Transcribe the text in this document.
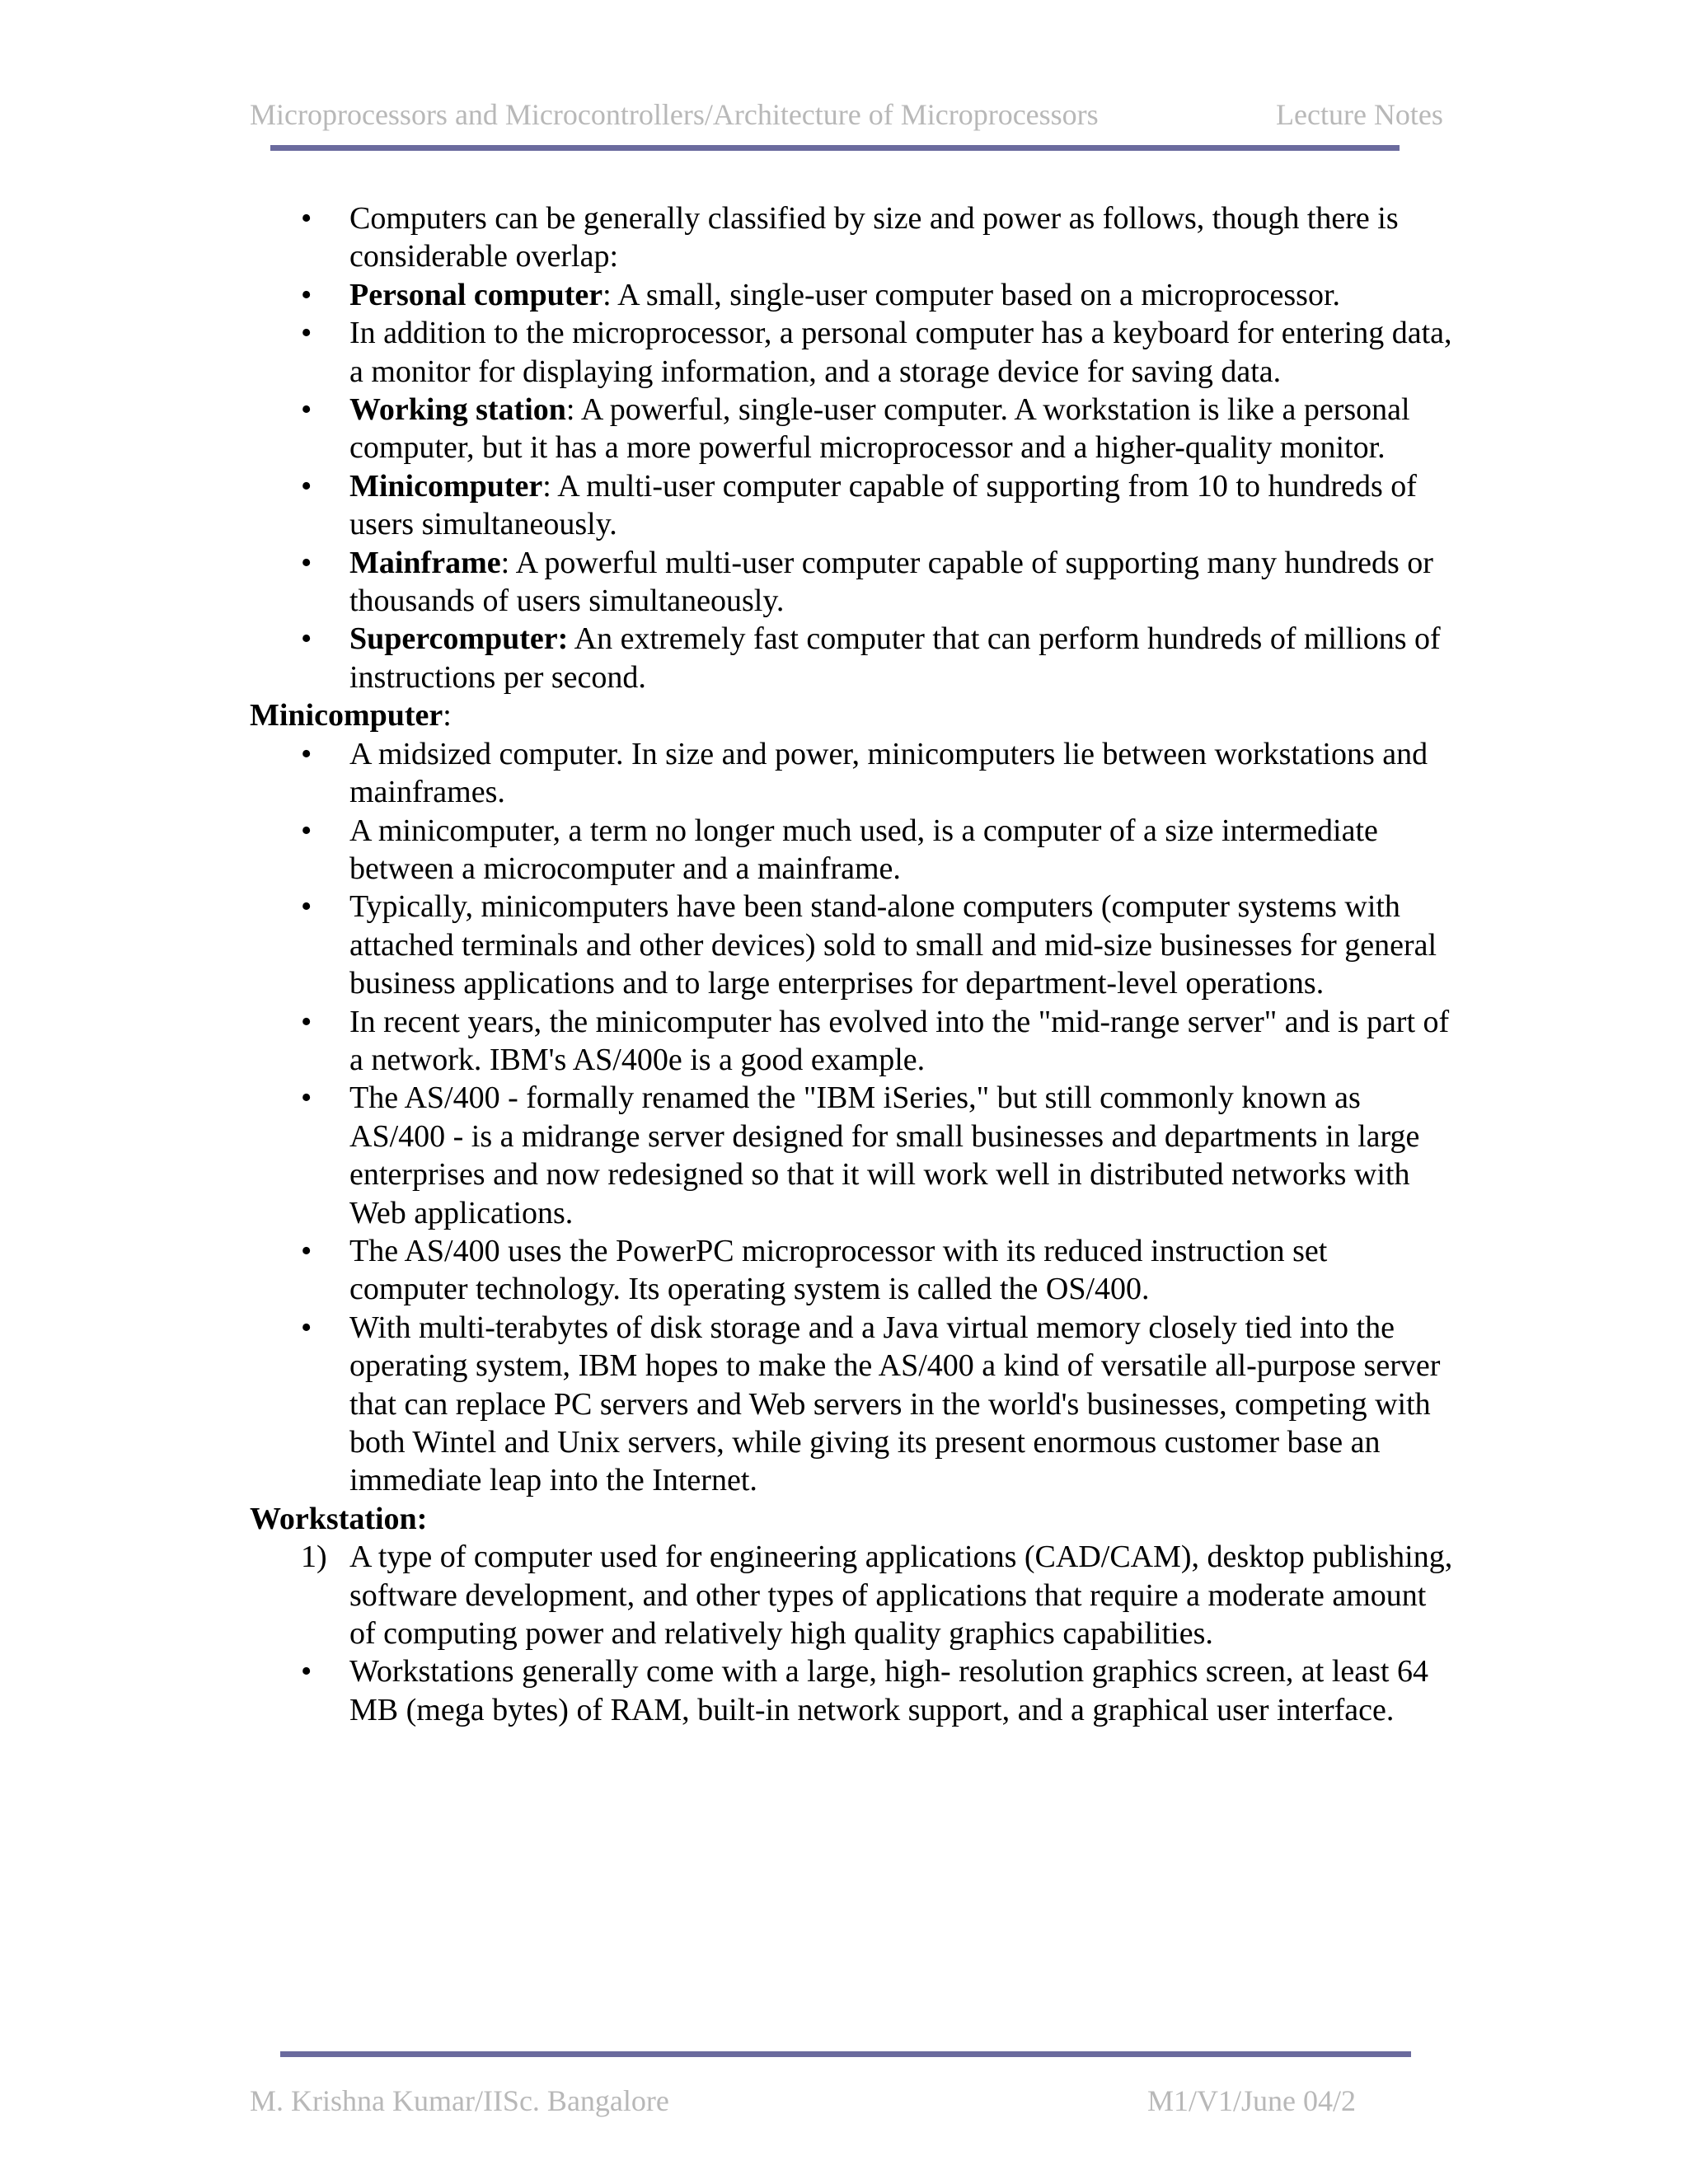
Microprocessors and Microcontrollers/Architecture of Microprocessors	Lecture Notes
• Computers can be generally classified by size and power as follows, though there is considerable overlap:
• Personal computer: A small, single-user computer based on a microprocessor.
• In addition to the microprocessor, a personal computer has a keyboard for entering data, a monitor for displaying information, and a storage device for saving data.
• Working station: A powerful, single-user computer. A workstation is like a personal computer, but it has a more powerful microprocessor and a higher-quality monitor.
• Minicomputer: A multi-user computer capable of supporting from 10 to hundreds of users simultaneously.
• Mainframe: A powerful multi-user computer capable of supporting many hundreds or thousands of users simultaneously.
• Supercomputer: An extremely fast computer that can perform hundreds of millions of instructions per second.
Minicomputer:
• A midsized computer. In size and power, minicomputers lie between workstations and mainframes.
• A minicomputer, a term no longer much used, is a computer of a size intermediate between a microcomputer and a mainframe.
• Typically, minicomputers have been stand-alone computers (computer systems with attached terminals and other devices) sold to small and mid-size businesses for general business applications and to large enterprises for department-level operations.
• In recent years, the minicomputer has evolved into the "mid-range server" and is part of a network. IBM's AS/400e is a good example.
• The AS/400 - formally renamed the "IBM iSeries," but still commonly known as AS/400 - is a midrange server designed for small businesses and departments in large enterprises and now redesigned so that it will work well in distributed networks with Web applications.
• The AS/400 uses the PowerPC microprocessor with its reduced instruction set computer technology. Its operating system is called the OS/400.
• With multi-terabytes of disk storage and a Java virtual memory closely tied into the operating system, IBM hopes to make the AS/400 a kind of versatile all-purpose server that can replace PC servers and Web servers in the world's businesses, competing with both Wintel and Unix servers, while giving its present enormous customer base an immediate leap into the Internet.
Workstation:
1) A type of computer used for engineering applications (CAD/CAM), desktop publishing, software development, and other types of applications that require a moderate amount of computing power and relatively high quality graphics capabilities.
• Workstations generally come with a large, high- resolution graphics screen, at least 64 MB (mega bytes) of RAM, built-in network support, and a graphical user interface.
M. Krishna Kumar/IISc. Bangalore	M1/V1/June 04/2
